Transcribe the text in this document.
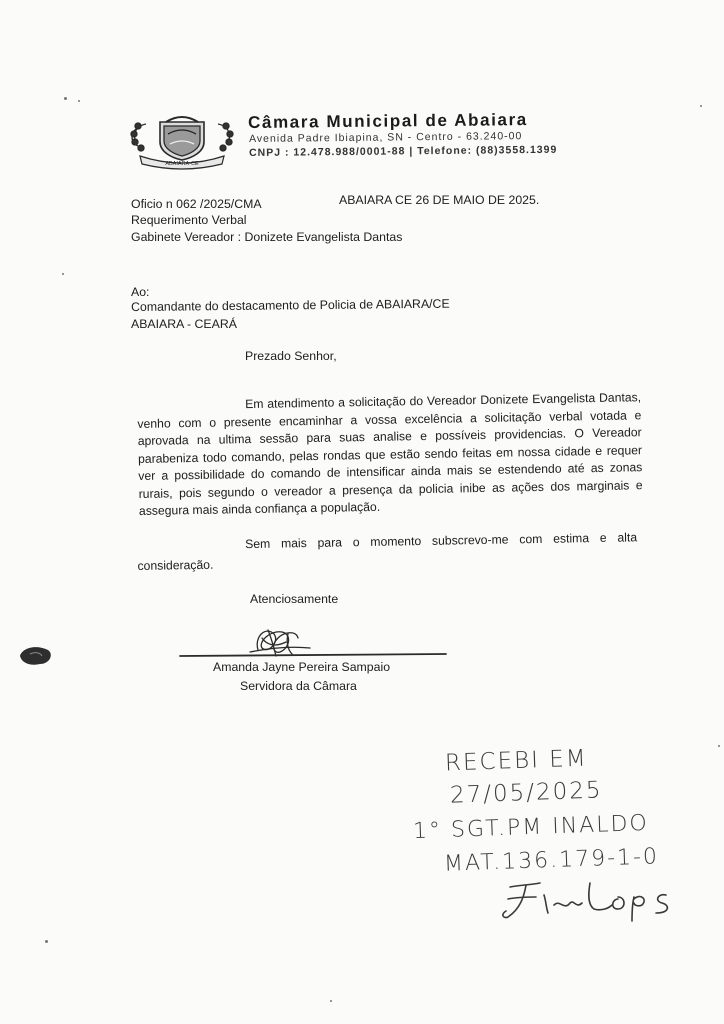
ABAIARA-CE
Câmara Municipal de Abaiara
Avenida Padre Ibiapina, SN - Centro - 63.240-00
CNPJ : 12.478.988/0001-88 | Telefone: (88)3558.1399
Oficio n 062 /2025/CMA	ABAIARA CE 26 DE MAIO DE 2025.
Requerimento Verbal
Gabinete Vereador : Donizete Evangelista Dantas
Ao:
Comandante do destacamento de Policia de ABAIARA/CE
ABAIARA - CEARÁ
Prezado Senhor,

Em atendimento a solicitação do Vereador Donizete Evangelista Dantas, venho com o presente encaminhar a vossa excelência a solicitação verbal votada e aprovada na ultima sessão para suas analise e possíveis providencias. O Vereador parabeniza todo comando, pelas rondas que estão sendo feitas em nossa cidade e requer ver a possibilidade do comando de intensificar ainda mais se estendendo até as zonas rurais, pois segundo o vereador a presença da policia inibe as ações dos marginais e assegura mais ainda confiança a população.

Sem mais para o momento subscrevo-me com estima e alta consideração.

Atenciosamente
Amanda Jayne Pereira Sampaio
Servidora da Câmara
RECEBI EM
27/05/2025
1° SGT.PM INALDO
MAT.136.179-1-0
